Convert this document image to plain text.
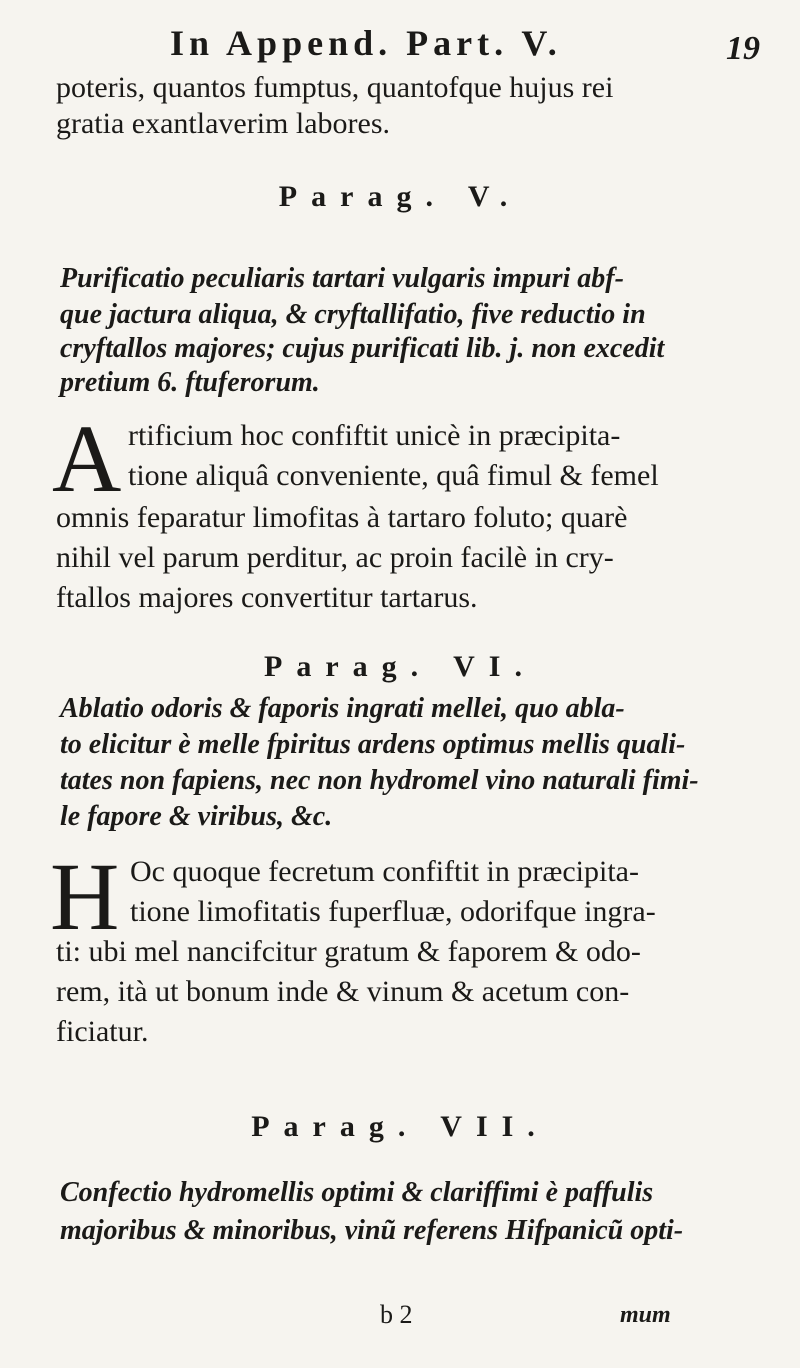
In Append. Part. V.	19
poteris, quantos fumptus, quantofque hujus rei
gratia exantlaverim labores.
Parag. V.
Purificatio peculiaris tartari vulgaris impuri abf-
que jactura aliqua, & cryftallifatio, five reductio in
cryftallos majores; cujus purificati lib. j. non excedit
pretium 6. ftuferorum.
A rtificium hoc confiftit unicè in præcipita-
tione aliquâ conveniente, quâ fimul & femel
omnis feparatur limofitas à tartaro foluto; quarè
nihil vel parum perditur, ac proin facilè in cry-
ftallos majores convertitur tartarus.
Parag. VI.
Ablatio odoris & faporis ingrati mellei, quo abla-
to elicitur è melle fpiritus ardens optimus mellis quali-
tates non fapiens, nec non hydromel vino naturali fimi-
le fapore & viribus, &c.
H Oc quoque fecretum confiftit in præcipita-
tione limofitatis fuperfluæ, odorifque ingra-
ti: ubi mel nancifcitur gratum & faporem & odo-
rem, ità ut bonum inde & vinum & acetum con-
ficiatur.
Parag. VII.
Confectio hydromellis optimi & clariffimi è paffulis
majoribus & minoribus, vinũ referens Hifpanicũ opti-
b 2	mum
